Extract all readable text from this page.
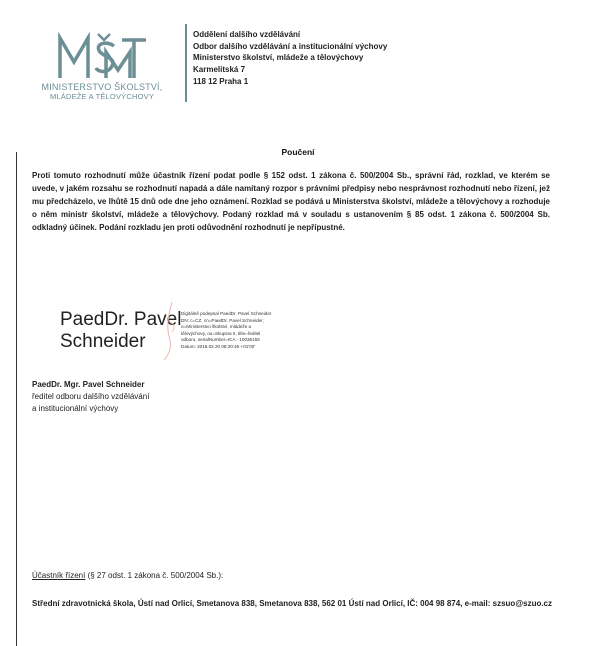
MINISTERSTVO ŠKOLSTVÍ,
MLÁDEŽE A TĚLOVÝCHOVY
Oddělení dalšího vzdělávání
Odbor dalšího vzdělávání a institucionální výchovy
Ministerstvo školství, mládeže a tělovýchovy
Karmelitská 7
118 12 Praha 1
Poučení
Proti tomuto rozhodnutí může účastník řízení podat podle § 152 odst. 1 zákona č. 500/2004 Sb., správní řád, rozklad, ve kterém se uvede, v jakém rozsahu se rozhodnutí napadá a dále namítaný rozpor s právními předpisy nebo nesprávnost rozhodnutí nebo řízení, jež mu předcházelo, ve lhůtě 15 dnů ode dne jeho oznámení. Rozklad se podává u Ministerstva školství, mládeže a tělovýchovy a rozhoduje o něm ministr školství, mládeže a tělovýchovy. Podaný rozklad má v souladu s ustanovením § 85 odst. 1 zákona č. 500/2004 Sb. odkladný účinek. Podání rozkladu jen proti odůvodnění rozhodnutí je nepřípustné.
PaedDr. Pavel
Schneider
Digitálně podepsal PaedDr. Pavel Schneider
DN: c=CZ, cn=PaedDr. Pavel Schneider,
o=Ministerstvo školství, mládeže a
tělovýchovy, ou=Skupina II, title=ředitel
odboru, serialNumber=ICA - 10036155
Datum: 2015.02.20 08:20:46 +01'00'
PaedDr. Mgr. Pavel Schneider
ředitel odboru dalšího vzdělávání
a institucionální výchovy
Účastník řízení (§ 27 odst. 1 zákona č. 500/2004 Sb.):
Střední zdravotnická škola, Ústí nad Orlicí, Smetanova 838, Smetanova 838, 562 01 Ústí nad Orlicí, IČ: 004 98 874, e-mail: szsuo@szuo.cz
